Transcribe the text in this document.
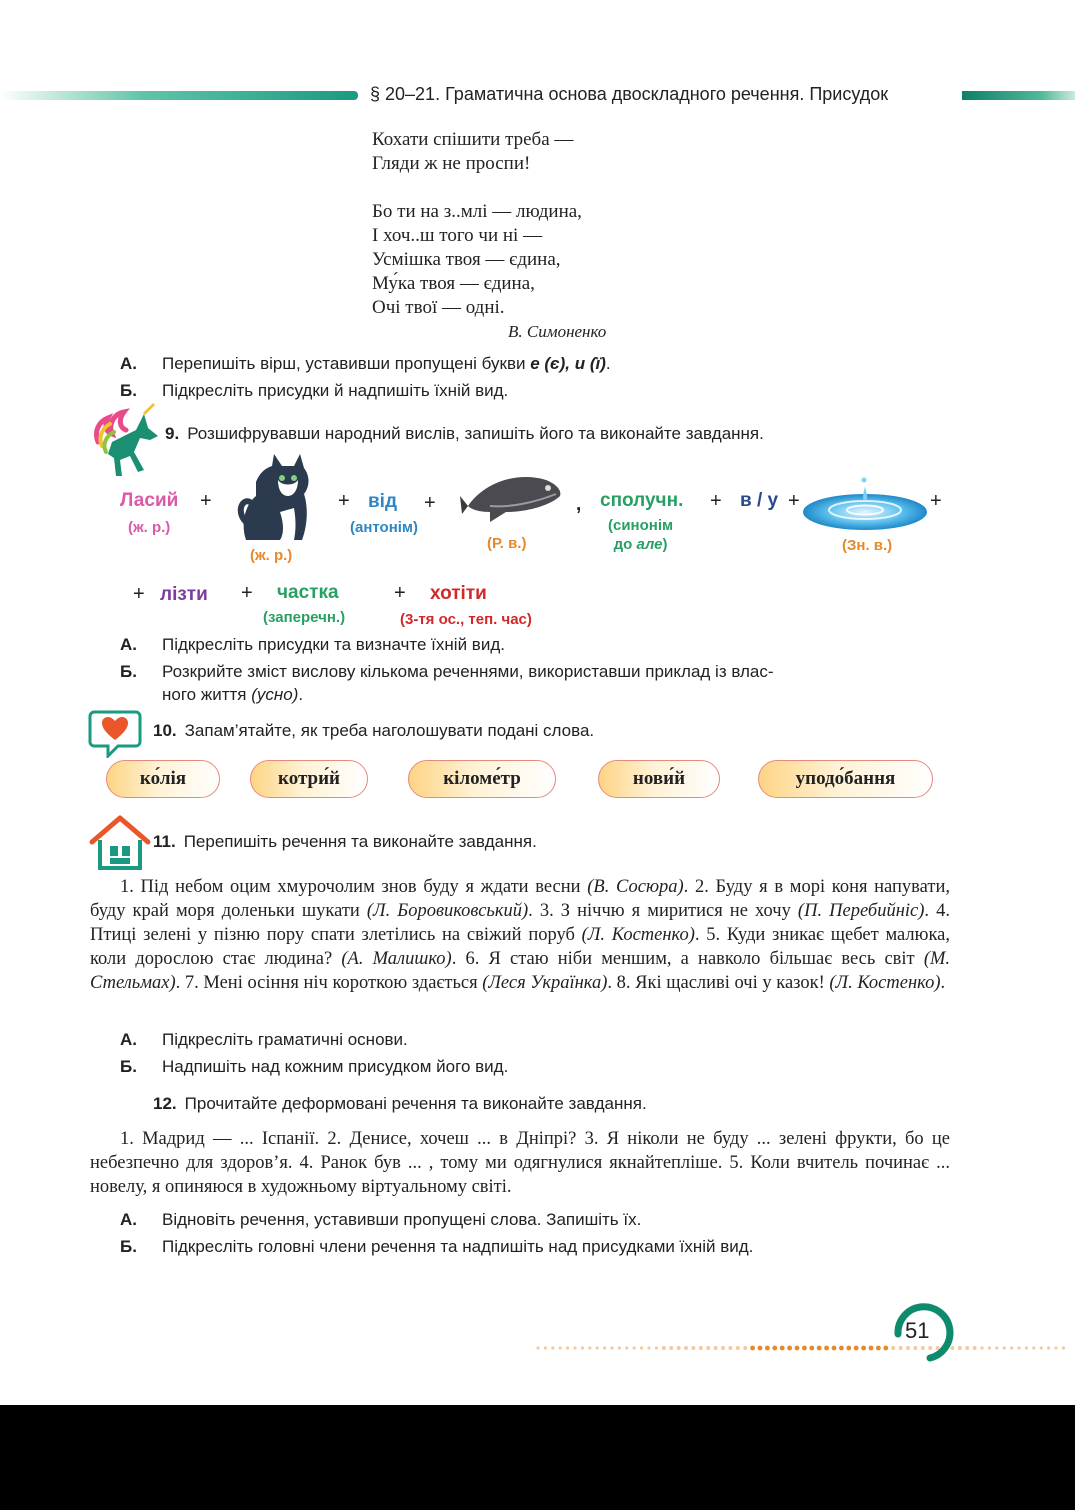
§ 20–21. Граматична основа двоскладного речення. Присудок
Кохати спішити треба —
Гляди ж не проспи!
Бо ти на з..млі — людина,
І хоч..ш того чи ні —
Усмішка твоя — єдина,
Му́ка твоя — єдина,
Очі твої — одні.
В. Симоненко
А. Перепишіть вірш, уставивши пропущені букви е (є), и (ї).
Б. Підкресліть присудки й надпишіть їхній вид.
9. Розшифрувавши народний вислів, запишіть його та виконайте завдання.
Ласий
(ж. р.)
+
(ж. р.)
+ від
(антонім)
+
(Р. в.)
, сполучн.
(синонім
до але)
+ в / у +
(Зн. в.)
+
+ лізти + частка
(заперечн.)
+ хотіти
(3-тя ос., теп. час)
А. Підкресліть присудки та визначте їхній вид.
Б. Розкрийте зміст вислову кількома реченнями, використавши приклад із влас-
ного життя (усно).
10. Запам’ятайте, як треба наголошувати подані слова.
ко́лія	котри́й	кіломе́тр	нови́й	уподо́бання
11. Перепишіть речення та виконайте завдання.
1. Під небом оцим хмурочолим знов буду я ждати весни (В. Сосюра). 2. Буду я в морі коня напувати, буду край моря доленьки шукати (Л. Боровиковський). 3. З ніччю я миритися не хочу (П. Перебийніс). 4. Птиці зелені у пізню пору спати злетілись на свіжий поруб (Л. Костенко). 5. Куди зникає щебет малюка, коли дорослою стає людина? (А. Малишко). 6. Я стаю ніби меншим, а навколо більшає весь світ (М. Стельмах). 7. Мені осіння ніч короткою здається (Леся Українка). 8. Які щасливі очі у казок! (Л. Костенко).
А. Підкресліть граматичні основи.
Б. Надпишіть над кожним присудком його вид.
12. Прочитайте деформовані речення та виконайте завдання.
1. Мадрид — ... Іспанії. 2. Денисе, хочеш ... в Дніпрі? 3. Я ніколи не буду ... зелені фрукти, бо це небезпечно для здоров’я. 4. Ранок був ... , тому ми одягнулися якнайтепліше. 5. Коли вчитель починає ... новелу, я опиняюся в художньому віртуальному світі.
А. Відновіть речення, уставивши пропущені слова. Запишіть їх.
Б. Підкресліть головні члени речення та надпишіть над присудками їхній вид.
51
